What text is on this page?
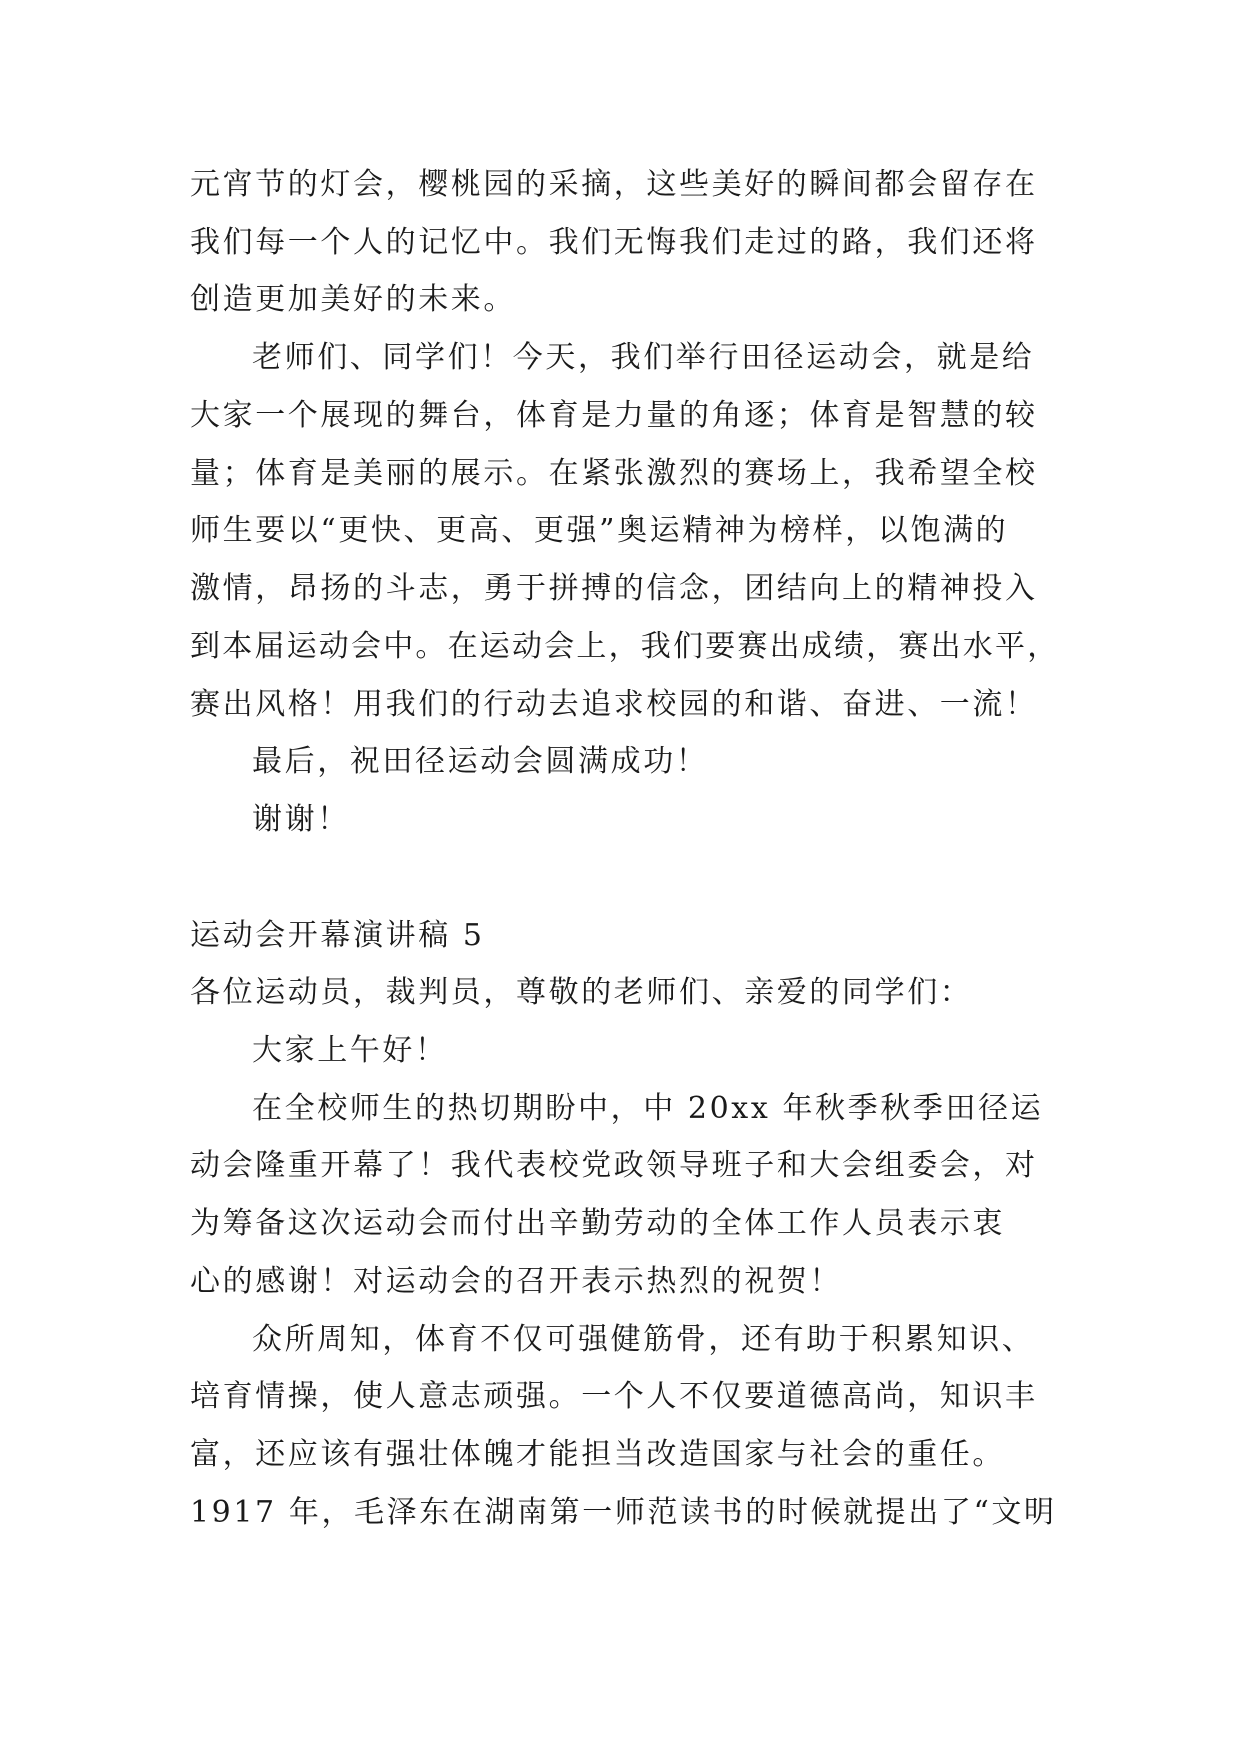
元宵节的灯会，樱桃园的采摘，这些美好的瞬间都会留存在
我们每一个人的记忆中。我们无悔我们走过的路，我们还将
创造更加美好的未来。
老师们、同学们！今天，我们举行田径运动会，就是给
大家一个展现的舞台，体育是力量的角逐；体育是智慧的较
量；体育是美丽的展示。在紧张激烈的赛场上，我希望全校
师生要以“更快、更高、更强”奥运精神为榜样，以饱满的
激情，昂扬的斗志，勇于拼搏的信念，团结向上的精神投入
到本届运动会中。在运动会上，我们要赛出成绩，赛出水平，
赛出风格！用我们的行动去追求校园的和谐、奋进、一流！
最后，祝田径运动会圆满成功！
谢谢！
运动会开幕演讲稿 5
各位运动员，裁判员，尊敬的老师们、亲爱的同学们：
大家上午好！
在全校师生的热切期盼中，中 20xx 年秋季秋季田径运
动会隆重开幕了！我代表校党政领导班子和大会组委会，对
为筹备这次运动会而付出辛勤劳动的全体工作人员表示衷
心的感谢！对运动会的召开表示热烈的祝贺！
众所周知，体育不仅可强健筋骨，还有助于积累知识、
培育情操，使人意志顽强。一个人不仅要道德高尚，知识丰
富，还应该有强壮体魄才能担当改造国家与社会的重任。
1917 年，毛泽东在湖南第一师范读书的时候就提出了“文明
